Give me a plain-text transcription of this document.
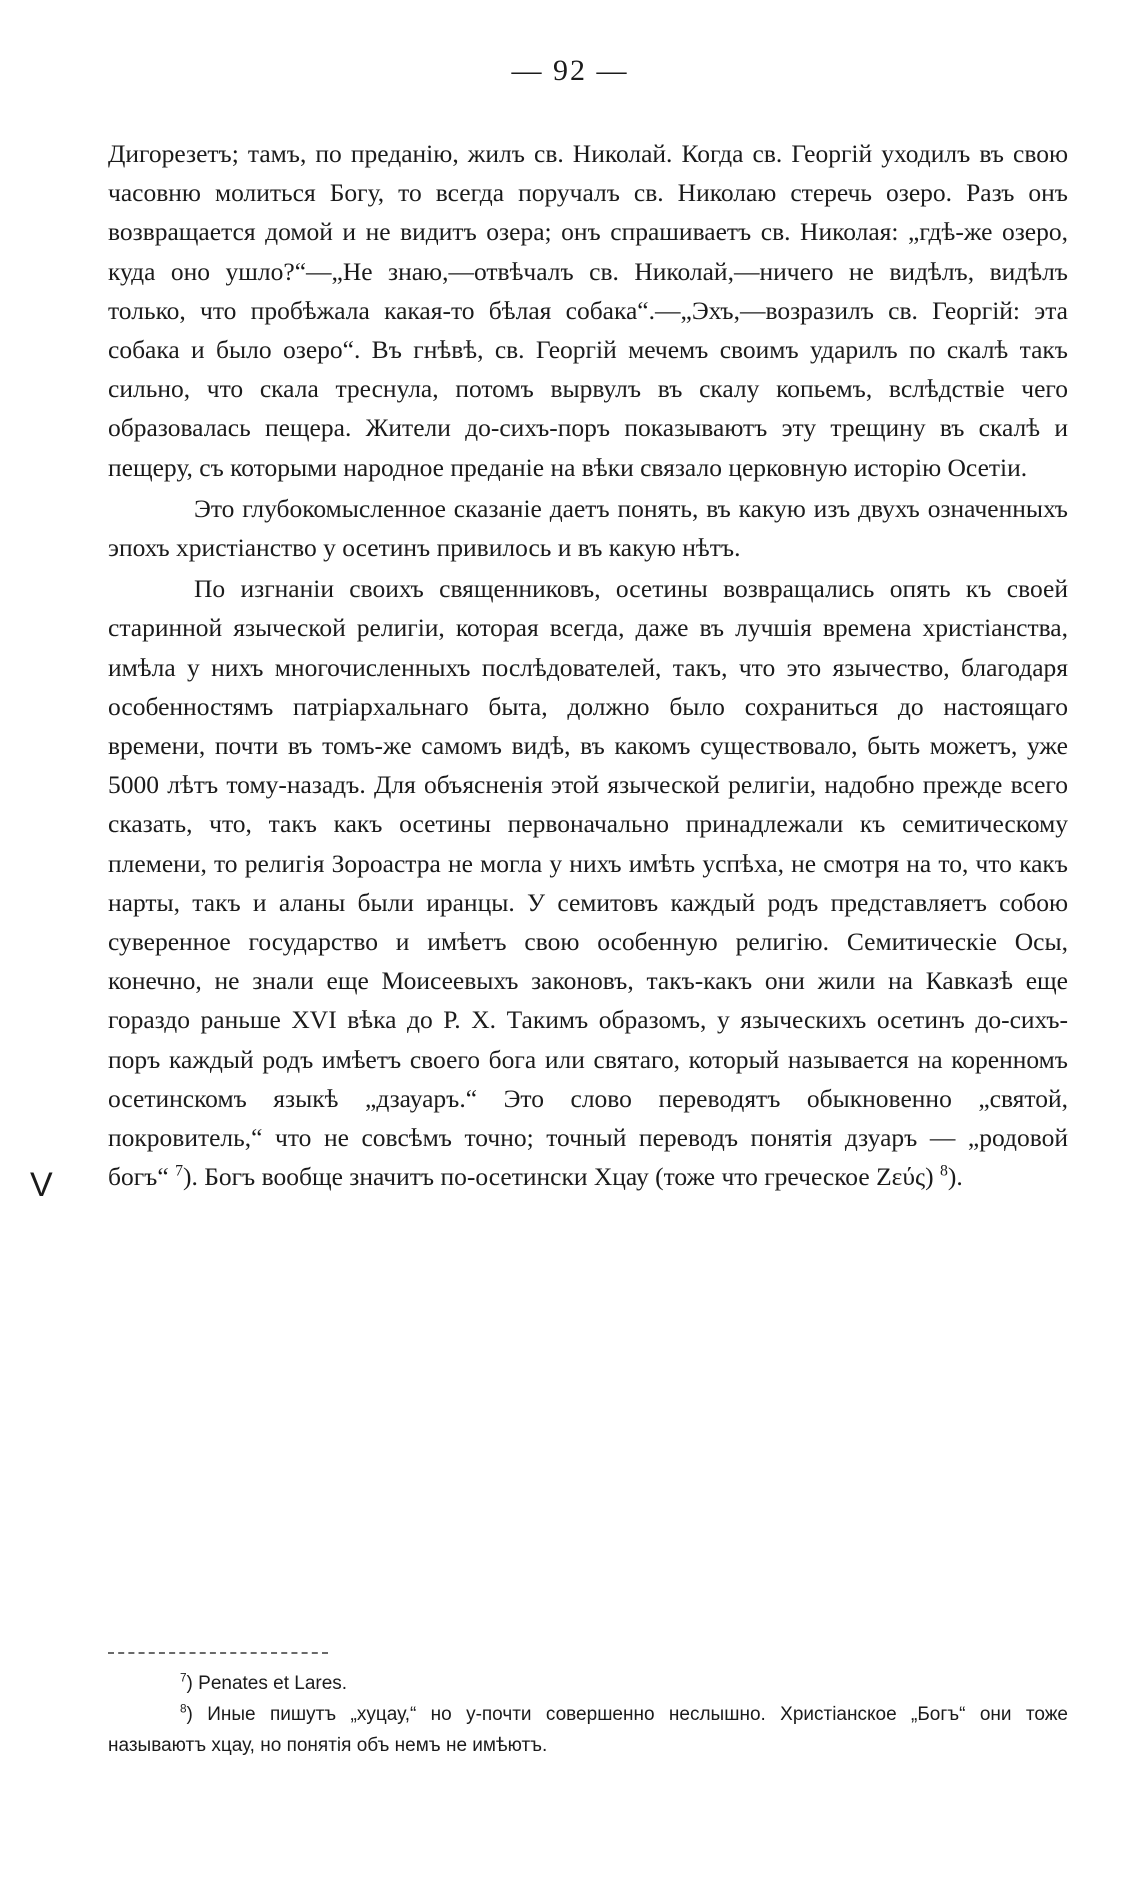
— 92 —

Дигорезетъ; тамъ, по преданію, жилъ св. Николай. Когда св. Георгій уходилъ въ свою часовню молиться Богу, то всегда поручалъ св. Николаю стеречь озеро. Разъ онъ возвращается домой и не видитъ озера; онъ спрашиваетъ св. Николая: „гдѣ-же озеро, куда оно ушло?“—„Не знаю,—отвѣчалъ св. Николай,—ничего не видѣлъ, видѣлъ только, что пробѣжала какая-то бѣлая собака“.—„Эхъ,—возразилъ св. Георгій: эта собака и было озеро“. Въ гнѣвѣ, св. Георгій мечемъ своимъ ударилъ по скалѣ такъ сильно, что скала треснула, потомъ вырвулъ въ скалу копьемъ, вслѣдствіе чего образовалась пещера. Жители до-сихъ-поръ показываютъ эту трещину въ скалѣ и пещеру, съ которыми народное преданіе на вѣки связало церковную исторію Осетіи.

Это глубокомысленное сказаніе даетъ понять, въ какую изъ двухъ означенныхъ эпохъ христіанство у осетинъ привилось и въ какую нѣтъ.

По изгнаніи своихъ священниковъ, осетины возвращались опять къ своей старинной языческой религіи, которая всегда, даже въ лучшія времена христіанства, имѣла у нихъ многочисленныхъ послѣдователей, такъ, что это язычество, благодаря особенностямъ патріархальнаго быта, должно было сохраниться до настоящаго времени, почти въ томъ-же самомъ видѣ, въ какомъ существовало, быть можетъ, уже 5000 лѣтъ тому-назадъ. Для объясненія этой языческой религіи, надобно прежде всего сказать, что, такъ какъ осетины первоначально принадлежали къ семитическому племени, то религія Зороастра не могла у нихъ имѣть успѣха, не смотря на то, что какъ нарты, такъ и аланы были иранцы. У семитовъ каждый родъ представляетъ собою суверенное государство и имѣетъ свою особенную религію. Семитическіе Осы, конечно, не знали еще Моисеевыхъ законовъ, такъ-какъ они жили на Кавказѣ еще гораздо раньше XVI вѣка до Р. Х. Такимъ образомъ, у языческихъ осетинъ до-сихъ-поръ каждый родъ имѣетъ своего бога или святаго, который называется на коренномъ осетинскомъ языкѣ „дзауаръ.“ Это слово переводятъ обыкновенно „святой, покровитель,“ что не совсѣмъ точно; точный переводъ понятія дзуаръ — „родовой богъ“ $^7$). Богъ вообще значитъ по-осетински Хцау (тоже что греческое Ζεύς) $^8$).

V

$^7$) Penates et Lares.

$^8$) Иные пишутъ „хуцау,“ но у-почти совершенно неслышно. Христіанское „Богъ“ они тоже называютъ хцау, но понятія объ немъ не имѣютъ.
